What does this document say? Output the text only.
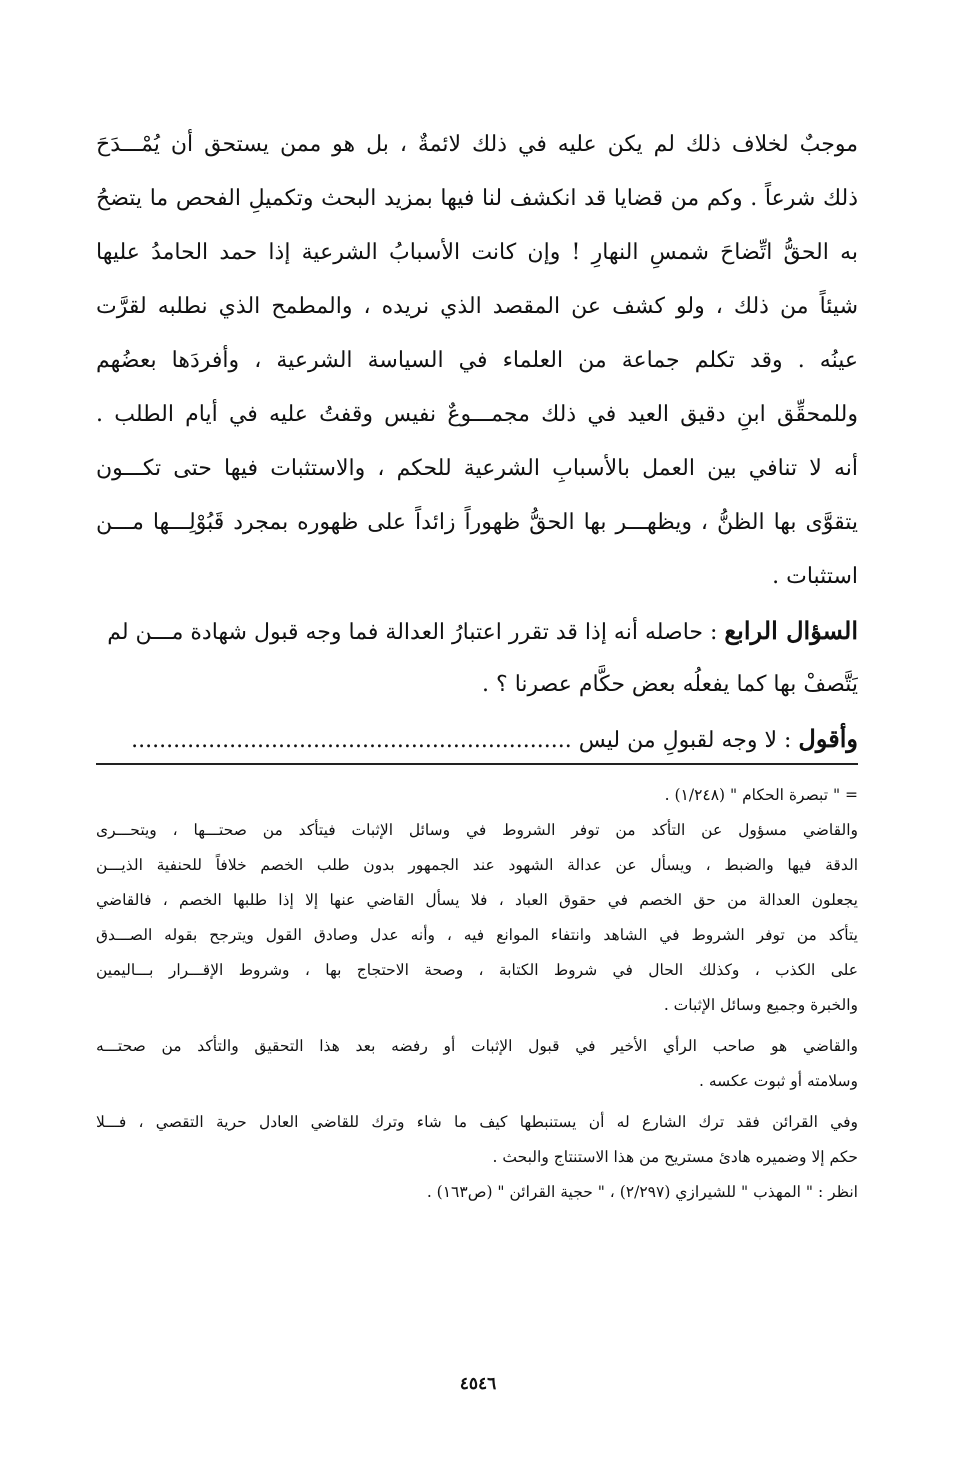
موجبٌ لخلاف ذلك لم يكن عليه في ذلك لائمةٌ ، بل هو ممن يستحق أن يُمْـــدَحَ
ذلك شرعاً . وكم من قضايا قد انكشف لنا فيها بمزيد البحث وتكميلِ الفحص ما يتضحُ
به الحقُّ اتِّضاحَ شمسِ النهارِ ! وإن كانت الأسبابُ الشرعية إذا حمد الحامدُ عليها
شيئاً من ذلك ، ولو كشف عن المقصد الذي نريده ، والمطمح الذي نطلبه لقرَّت
عينُه . وقد تكلم جماعة من العلماء في السياسة الشرعية ، وأفردَها بعضُهم
وللمحقِّق ابنِ دقيق العيد في ذلك مجمـــوعٌ نفيس وقفتُ عليه في أيام الطلب .
أنه لا تنافي بين العمل بالأسبابِ الشرعية للحكم ، والاستثبات فيها حتى تكـــون
يتقوَّى بها الظنُّ ، ويظهـــر بها الحقُّ ظهوراً زائداً على ظهوره بمجرد قَبُوْلِـــها مـــن
استثبات .
السؤال الرابع : حاصله أنه إذا قد تقرر اعتبارُ العدالة فما وجه قبول شهادة مـــن لم
يَتَّصفْ بها كما يفعلُه بعض حكَّام عصرنا ؟ .
وأقول : لا وجه لقبولِ من ليس ...............................................................
= " تبصرة الحكام " (١/٢٤٨) .
والقاضي مسؤول عن التأكد من توفر الشروط في وسائل الإثبات فيتأكد من صحتـــها ، ويتحـــرى
الدقة فيها والضبط ، ويسأل عن عدالة الشهود عند الجمهور بدون طلب الخصم خلافاً للحنفية الذيـــن
يجعلون العدالة من حق الخصم في حقوق العباد ، فلا يسأل القاضي عنها إلا إذا طلبها الخصم ، فالقاضي
يتأكد من توفر الشروط في الشاهد وانتفاء الموانع فيه ، وأنه عدل وصادق القول ويترجح بقوله الصـــدق
على الكذب ، وكذلك الحال في شروط الكتابة ، وصحة الاحتجاج بها ، وشروط الإقـــرار بـــاليمين
والخبرة وجميع وسائل الإثبات .
والقاضي هو صاحب الرأي الأخير في قبول الإثبات أو رفضه بعد هذا التحقيق والتأكد من صحتـــه
وسلامته أو ثبوت عكسه .
وفي القرائن فقد ترك الشارع له أن يستنبطها كيف ما شاء وترك للقاضي العادل حرية التقصي ، فـــلا
حكم إلا وضميره هادئ مستريح من هذا الاستنتاج والبحث .
انظر : " المهذب " للشيرازي (٢/٢٩٧) ، " حجية القرائن " (ص١٦٣) .
٤٥٤٦
